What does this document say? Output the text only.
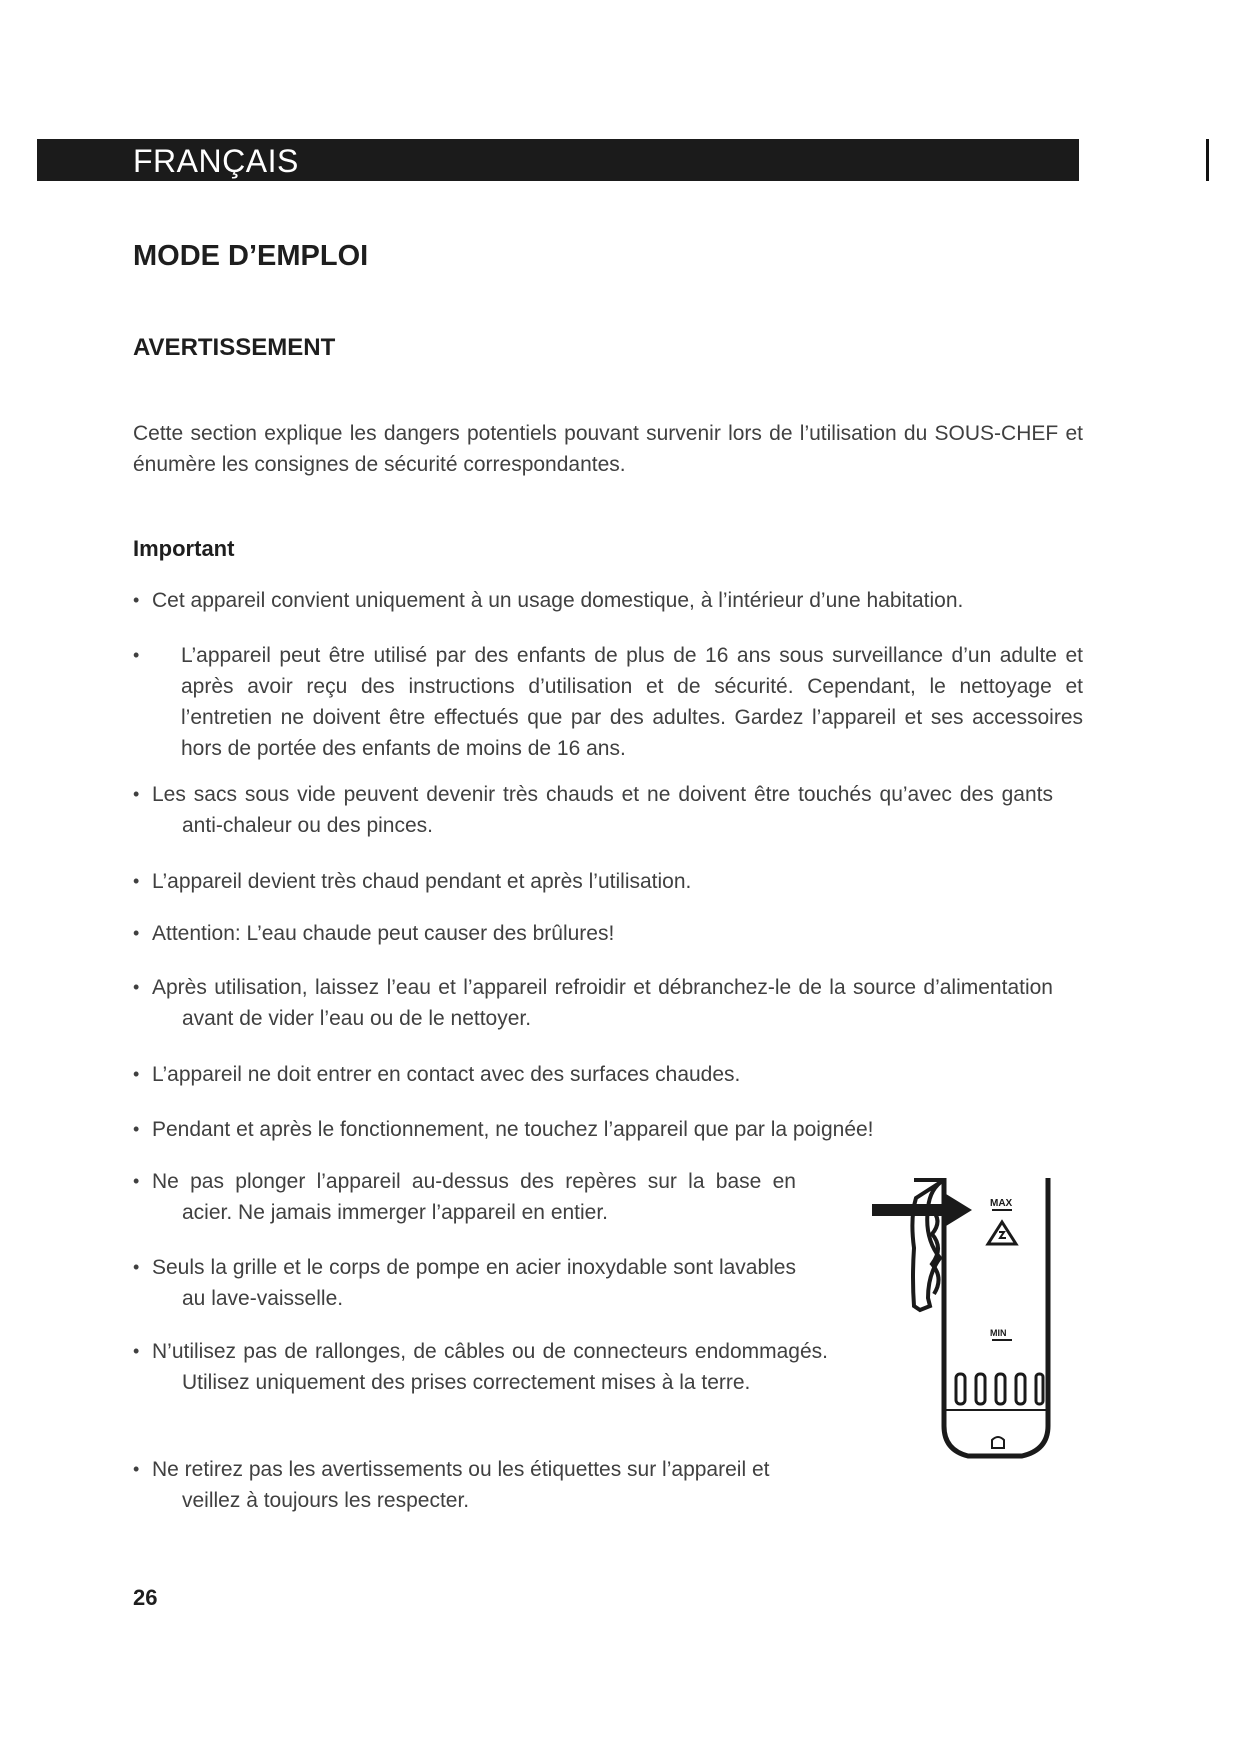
FRANÇAIS
MODE D’EMPLOI
AVERTISSEMENT
Cette section explique les dangers potentiels pouvant survenir lors de l’utilisation du SOUS-CHEF et énumère les consignes de sécurité correspondantes.
Important
• Cet appareil convient uniquement à un usage domestique, à l’intérieur d’une habitation.
•	L’appareil peut être utilisé par des enfants de plus de 16 ans sous surveillance d’un adulte et après avoir reçu des instructions d’utilisation et de sécurité. Cependant, le nettoyage et l’entretien ne doivent être effectués que par des adultes. Gardez l’appareil et ses accessoires hors de portée des enfants de moins de 16 ans.
• Les sacs sous vide peuvent devenir très chauds et ne doivent être touchés qu’avec des gants anti-chaleur ou des pinces.
• L’appareil devient très chaud pendant et après l’utilisation.
• Attention: L’eau chaude peut causer des brûlures!
• Après utilisation, laissez l’eau et l’appareil refroidir et débranchez-le de la source d’alimentation avant de vider l’eau ou de le nettoyer.
• L’appareil ne doit entrer en contact avec des surfaces chaudes.
• Pendant et après le fonctionnement, ne touchez l’appareil que par la poignée!
• Ne pas plonger l’appareil au-dessus des repères sur la base en acier. Ne jamais immerger l’appareil en entier.
• Seuls la grille et le corps de pompe en acier inoxydable sont lavables au lave-vaisselle.
• N’utilisez pas de rallonges, de câbles ou de connecteurs endommagés. Utilisez uniquement des prises correctement mises à la terre.
• Ne retirez pas les avertissements ou les étiquettes sur l’appareil et veillez à toujours les respecter.
MAX
MIN
26
